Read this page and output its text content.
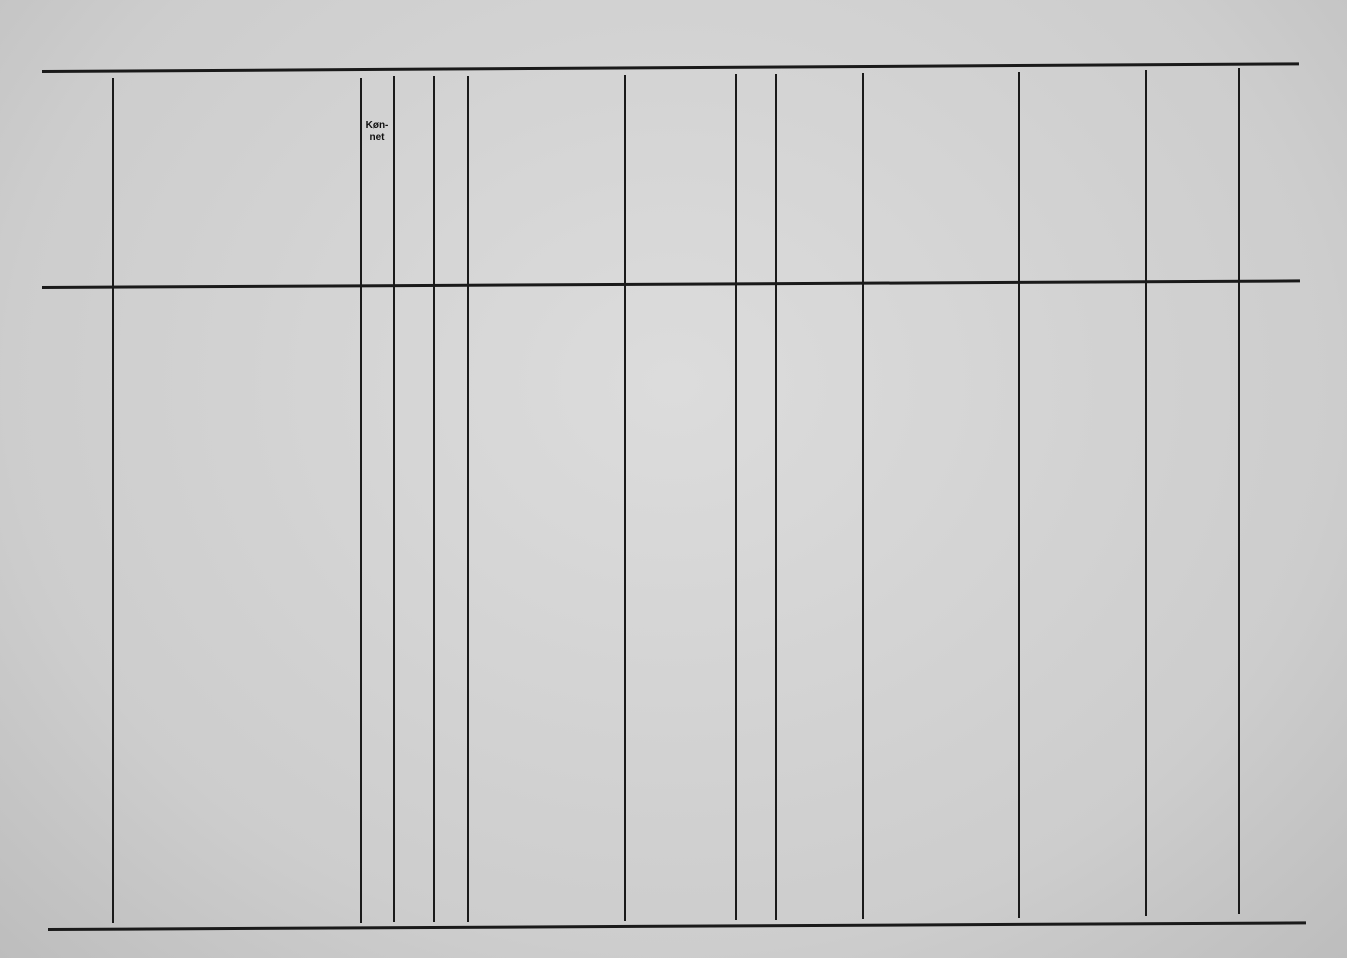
Køn-
net
